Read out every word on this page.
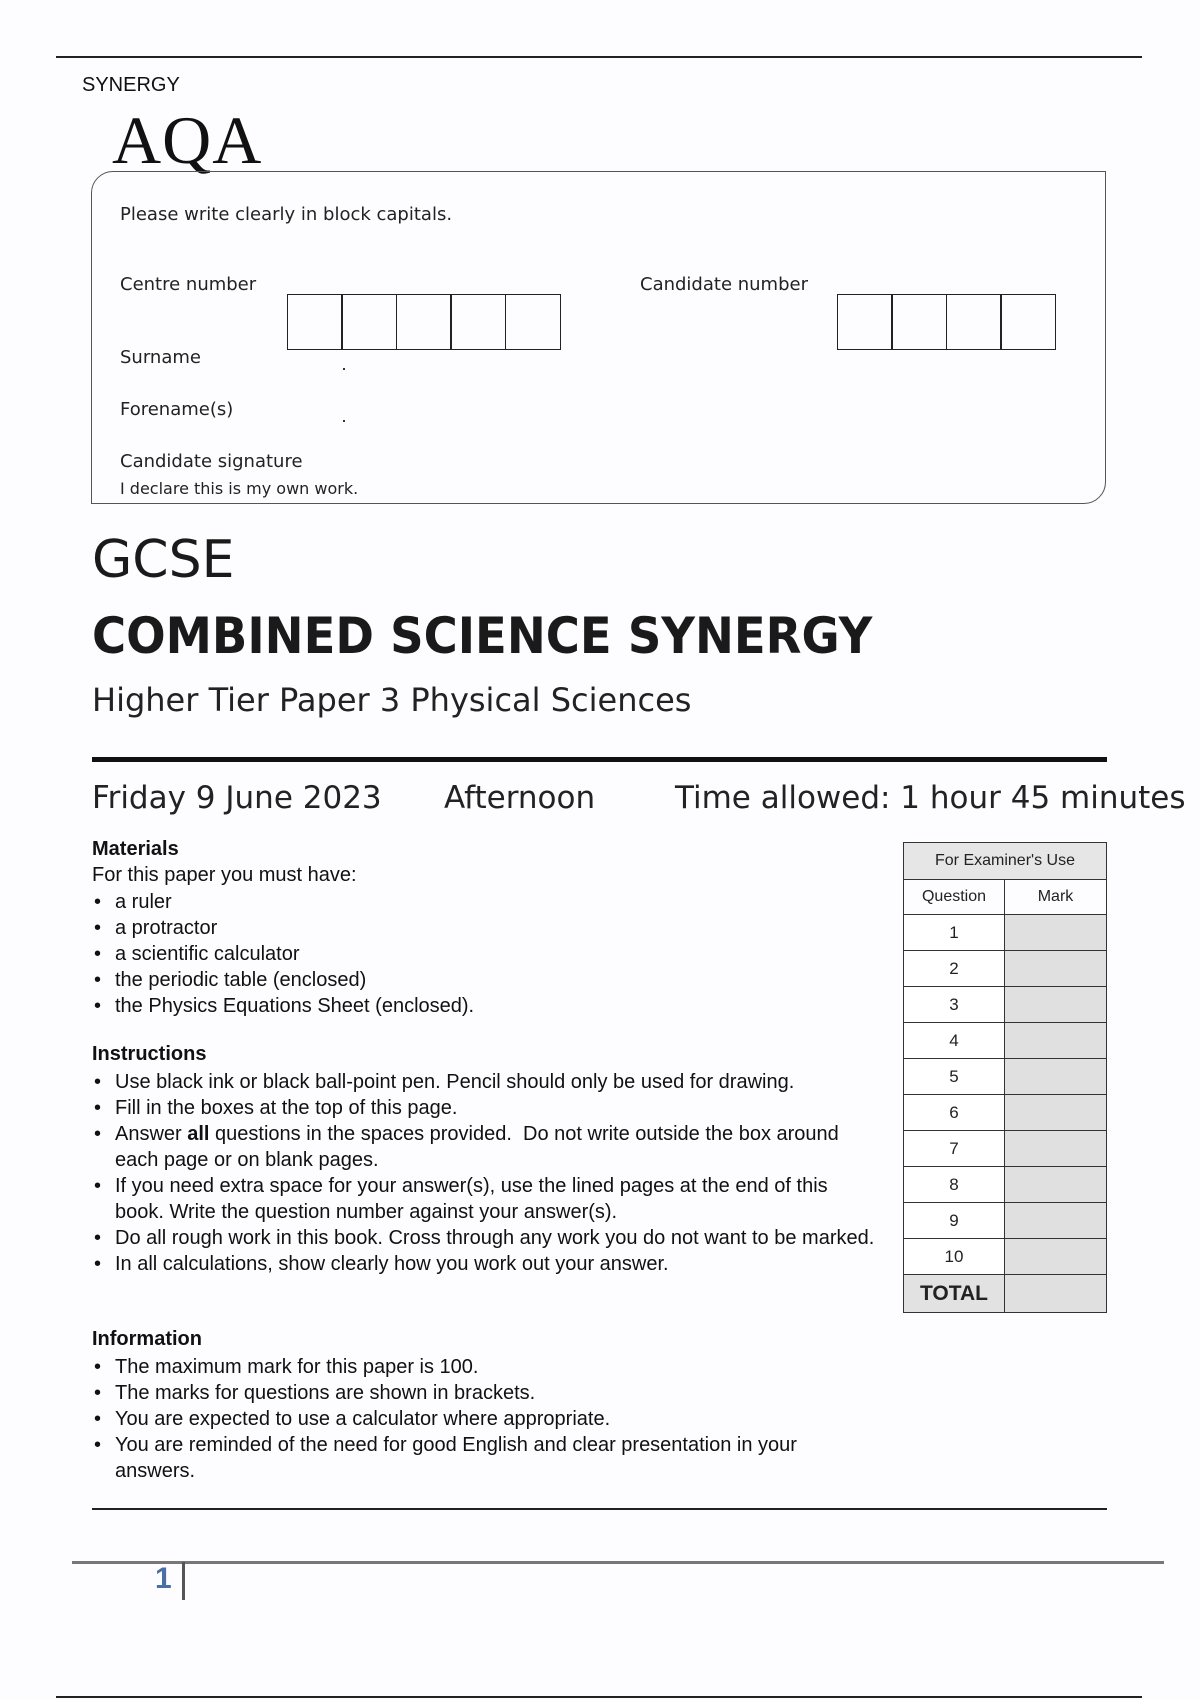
SYNERGY
AQA
Please write clearly in block capitals.
Centre number	Candidate number
Surname
Forename(s)
Candidate signature
I declare this is my own work.
GCSE
COMBINED SCIENCE SYNERGY
Higher Tier Paper 3 Physical Sciences
Friday 9 June 2023 Afternoon	Time allowed: 1 hour 45 minutes
Materials
For this paper you must have:
• a ruler
• a protractor
• a scientific calculator
• the periodic table (enclosed)
• the Physics Equations Sheet (enclosed).
Instructions
• Use black ink or black ball-point pen. Pencil should only be used for drawing.
• Fill in the boxes at the top of this page.
• Answer all questions in the spaces provided.  Do not write outside the box around each page or on blank pages.
• If you need extra space for your answer(s), use the lined pages at the end of this book. Write the question number against your answer(s).
• Do all rough work in this book. Cross through any work you do not want to be marked.
• In all calculations, show clearly how you work out your answer.
Information
• The maximum mark for this paper is 100.
• The marks for questions are shown in brackets.
• You are expected to use a calculator where appropriate.
• You are reminded of the need for good English and clear presentation in your answers.
For Examiner's Use	
Question	Mark
1	
2	
3	
4	
5	
6	
7	
8	
9	
10	
TOTAL	
1
